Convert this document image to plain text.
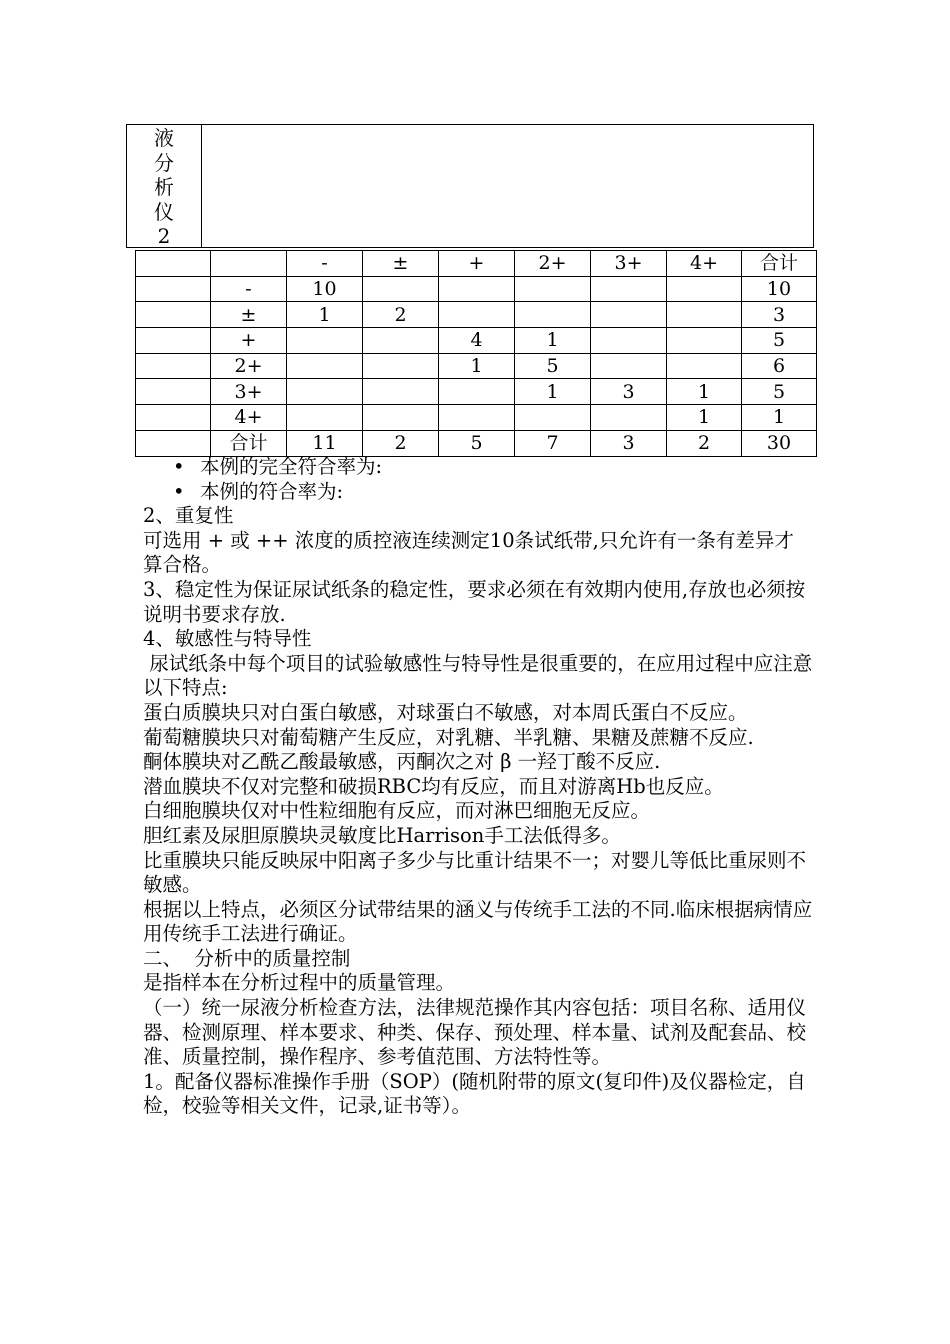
液
分
析
仪
2
		-	±	+	2+	3+	4+	合计
	-	10						10
	±	1	2					3
	+			4	1			5
	2+			1	5			6
	3+				1	3	1	5
	4+						1	1
	合计	11	2	5	7	3	2	30

• 本例的完全符合率为:

• 本例的符合率为:

2、重复性

可选用 + 或 ++ 浓度的质控液连续测定10条试纸带,只允许有一条有差异才算合格。

3、稳定性为保证尿试纸条的稳定性，要求必须在有效期内使用,存放也必须按说明书要求存放.

4、敏感性与特导性

尿试纸条中每个项目的试验敏感性与特导性是很重要的，在应用过程中应注意以下特点:

蛋白质膜块只对白蛋白敏感，对球蛋白不敏感，对本周氏蛋白不反应。

葡萄糖膜块只对葡萄糖产生反应，对乳糖、半乳糖、果糖及蔗糖不反应.

酮体膜块对乙酰乙酸最敏感，丙酮次之对 β 一羟丁酸不反应.

潜血膜块不仅对完整和破损RBC均有反应，而且对游离Hb也反应。

白细胞膜块仅对中性粒细胞有反应，而对淋巴细胞无反应。

胆红素及尿胆原膜块灵敏度比Harrison手工法低得多。

比重膜块只能反映尿中阳离子多少与比重计结果不一；对婴儿等低比重尿则不敏感。

根据以上特点，必须区分试带结果的涵义与传统手工法的不同.临床根据病情应用传统手工法进行确证。

二、  分析中的质量控制

是指样本在分析过程中的质量管理。

（一）统一尿液分析检查方法，法律规范操作其内容包括：项目名称、适用仪器、检测原理、样本要求、种类、保存、预处理、样本量、试剂及配套品、校准、质量控制，操作程序、参考值范围、方法特性等。

1。配备仪器标准操作手册（SOP）(随机附带的原文(复印件)及仪器检定，自检，校验等相关文件，记录,证书等）。
